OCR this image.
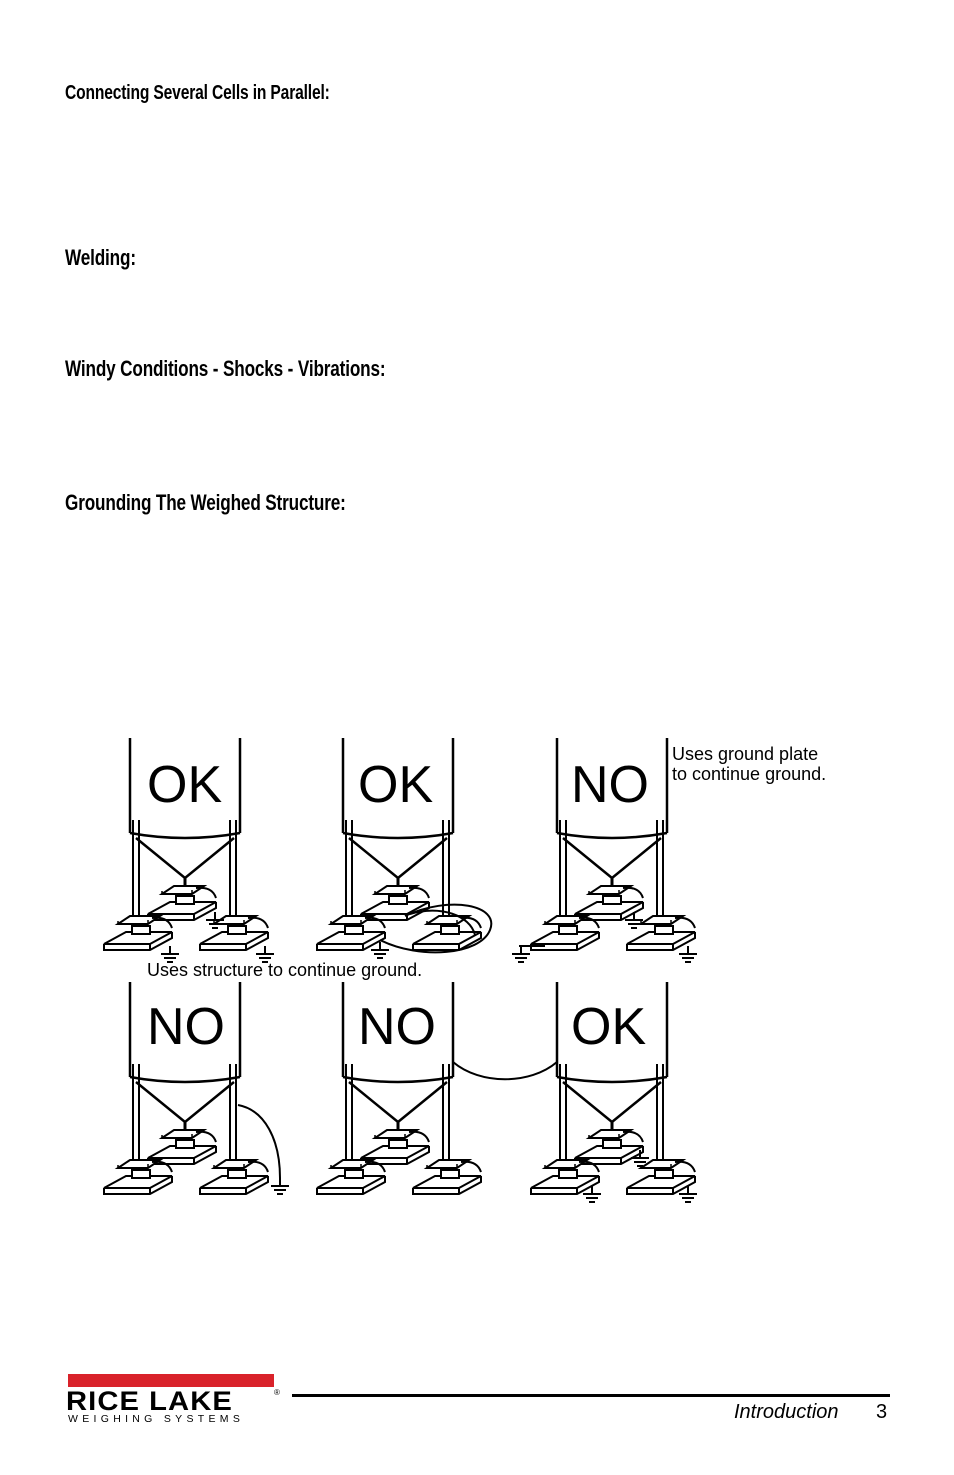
Connecting Several Cells in Parallel:
Welding:
Windy Conditions - Shocks - Vibrations:
Grounding The Weighed Structure:
OK	OK	NO
Uses ground plate
to continue ground.
Uses structure to continue ground.
NO	NO	OK
RICE LAKE	®
WEIGHING SYSTEMS	Introduction 3
